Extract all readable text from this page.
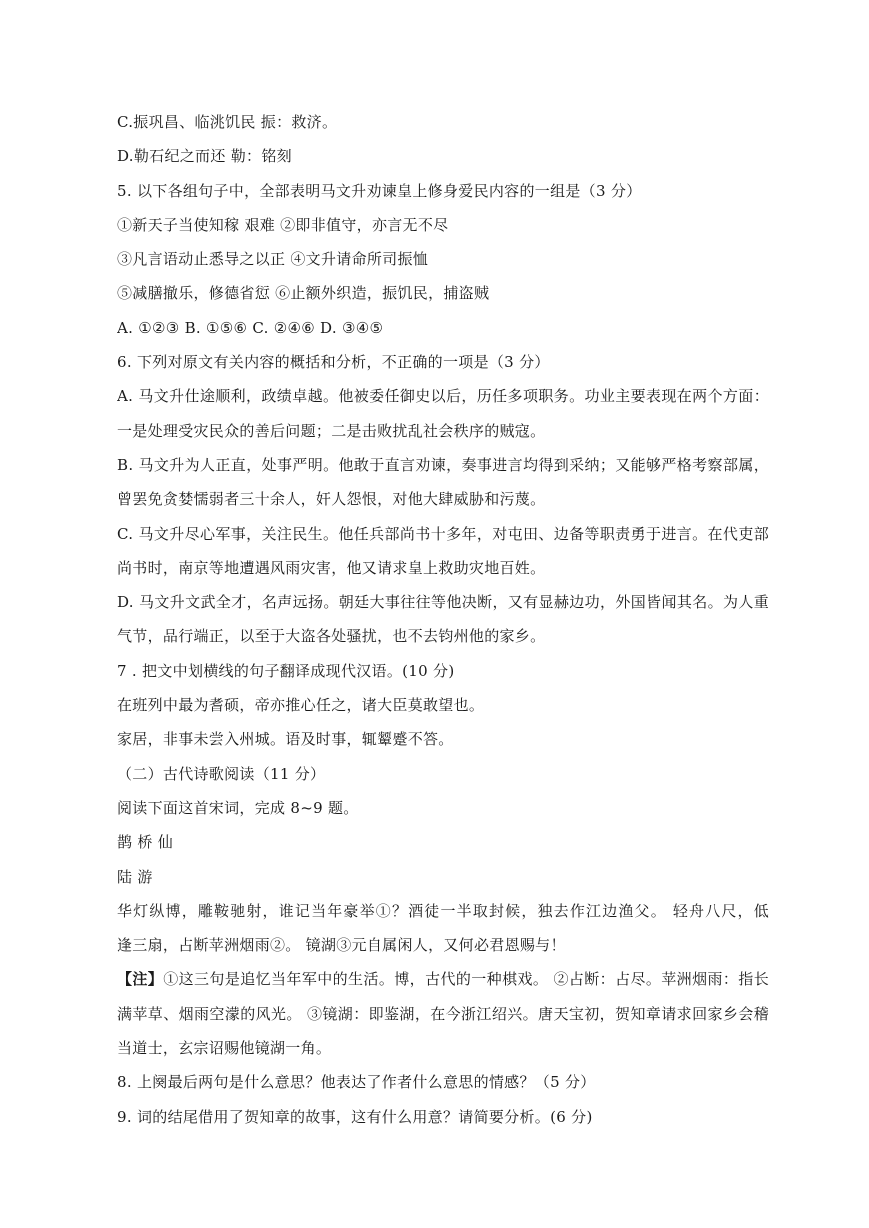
C.振巩昌、临洮饥民 振：救济。
D.勒石纪之而还 勒：铭刻
5. 以下各组句子中，全部表明马文升劝谏皇上修身爱民内容的一组是（3 分）
①新天子当使知稼 艰难 ②即非值守，亦言无不尽
③凡言语动止悉导之以正 ④文升请命所司振恤
⑤减膳撤乐，修德省愆 ⑥止额外织造，振饥民，捕盗贼
A. ①②③ B. ①⑤⑥ C. ②④⑥ D. ③④⑤
6. 下列对原文有关内容的概括和分析，不正确的一项是（3 分）
A. 马文升仕途顺利，政绩卓越。他被委任御史以后，历任多项职务。功业主要表现在两个方面：
一是处理受灾民众的善后问题；二是击败扰乱社会秩序的贼寇。
B. 马文升为人正直，处事严明。他敢于直言劝谏，奏事进言均得到采纳；又能够严格考察部属，
曾罢免贪婪懦弱者三十余人，奸人怨恨，对他大肆威胁和污蔑。
C. 马文升尽心军事，关注民生。他任兵部尚书十多年，对屯田、边备等职责勇于进言。在代吏部
尚书时，南京等地遭遇风雨灾害，他又请求皇上救助灾地百姓。
D. 马文升文武全才，名声远扬。朝廷大事往往等他决断，又有显赫边功，外国皆闻其名。为人重
气节，品行端正，以至于大盗各处骚扰，也不去钧州他的家乡。
7 . 把文中划横线的句子翻译成现代汉语。(10 分)
在班列中最为耆硕，帝亦推心任之，诸大臣莫敢望也。
家居，非事未尝入州城。语及时事，辄颦蹙不答。
（二）古代诗歌阅读（11 分）
阅读下面这首宋词，完成 8~9 题。
鹊 桥 仙
陆 游
华灯纵博，雕鞍驰射，谁记当年豪举①？酒徒一半取封候，独去作江边渔父。 轻舟八尺，低
逢三扇，占断苹洲烟雨②。 镜湖③元自属闲人，又何必君恩赐与！
【注】①这三句是追忆当年军中的生活。博，古代的一种棋戏。 ②占断：占尽。苹洲烟雨：指长
满苹草、烟雨空濛的风光。 ③镜湖：即鉴湖，在今浙江绍兴。唐天宝初，贺知章请求回家乡会稽
当道士，玄宗诏赐他镜湖一角。
8. 上阕最后两句是什么意思？他表达了作者什么意思的情感？（5 分）
9. 词的结尾借用了贺知章的故事，这有什么用意？请简要分析。(6 分)
